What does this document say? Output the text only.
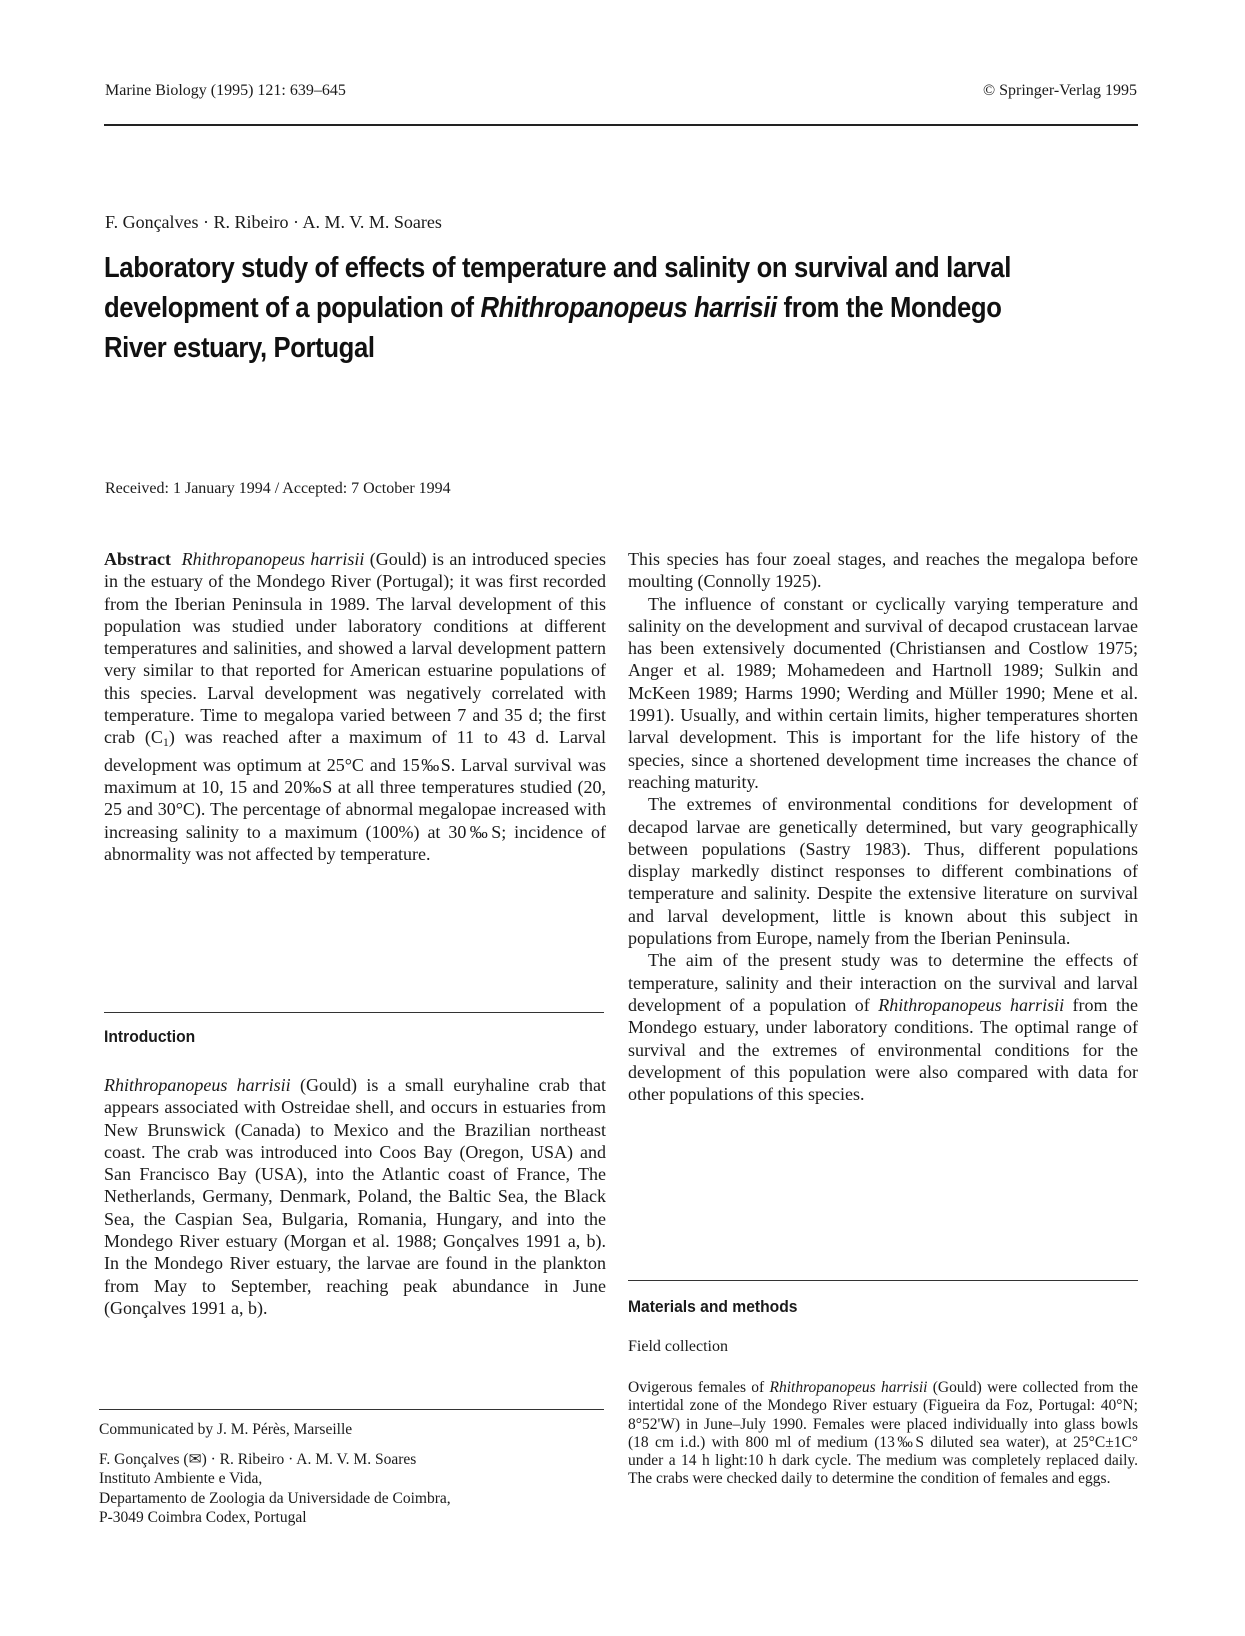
Marine Biology (1995) 121: 639–645	© Springer-Verlag 1995
F. Gonçalves · R. Ribeiro · A. M. V. M. Soares
Laboratory study of effects of temperature and salinity on survival and larval development of a population of Rhithropanopeus harrisii from the Mondego River estuary, Portugal
Received: 1 January 1994 / Accepted: 7 October 1994

Abstract Rhithropanopeus harrisii (Gould) is an introduced species in the estuary of the Mondego River (Portugal); it was first recorded from the Iberian Peninsula in 1989. The larval development of this population was studied under laboratory conditions at different temperatures and salinities, and showed a larval development pattern very similar to that reported for American estuarine populations of this species. Larval development was negatively correlated with temperature. Time to megalopa varied between 7 and 35 d; the first crab $(C_1)$ was reached after a maximum of 11 to 43 d. Larval development was optimum at 25°C and 15‰S. Larval survival was maximum at 10, 15 and 20‰S at all three temperatures studied (20, 25 and 30°C). The percentage of abnormal megalopae increased with increasing salinity to a maximum (100%) at 30‰S; incidence of abnormality was not affected by temperature.

Introduction

Rhithropanopeus harrisii (Gould) is a small euryhaline crab that appears associated with Ostreidae shell, and occurs in estuaries from New Brunswick (Canada) to Mexico and the Brazilian northeast coast. The crab was introduced into Coos Bay (Oregon, USA) and San Francisco Bay (USA), into the Atlantic coast of France, The Netherlands, Germany, Denmark, Poland, the Baltic Sea, the Black Sea, the Caspian Sea, Bulgaria, Romania, Hungary, and into the Mondego River estuary (Morgan et al. 1988; Gonçalves 1991 a, b). In the Mondego River estuary, the larvae are found in the plankton from May to September, reaching peak abundance in June (Gonçalves 1991 a, b).

Communicated by J. M. Pérès, Marseille
F. Gonçalves (✉) · R. Ribeiro · A. M. V. M. Soares
Instituto Ambiente e Vida,
Departamento de Zoologia da Universidade de Coimbra,
P-3049 Coimbra Codex, Portugal

This species has four zoeal stages, and reaches the megalopa before moulting (Connolly 1925).

The influence of constant or cyclically varying temperature and salinity on the development and survival of decapod crustacean larvae has been extensively documented (Christiansen and Costlow 1975; Anger et al. 1989; Mohamedeen and Hartnoll 1989; Sulkin and McKeen 1989; Harms 1990; Werding and Müller 1990; Mene et al. 1991). Usually, and within certain limits, higher temperatures shorten larval development. This is important for the life history of the species, since a shortened development time increases the chance of reaching maturity.

The extremes of environmental conditions for development of decapod larvae are genetically determined, but vary geographically between populations (Sastry 1983). Thus, different populations display markedly distinct responses to different combinations of temperature and salinity. Despite the extensive literature on survival and larval development, little is known about this subject in populations from Europe, namely from the Iberian Peninsula.

The aim of the present study was to determine the effects of temperature, salinity and their interaction on the survival and larval development of a population of Rhithropanopeus harrisii from the Mondego estuary, under laboratory conditions. The optimal range of survival and the extremes of environmental conditions for the development of this population were also compared with data for other populations of this species.

Materials and methods
Field collection
Ovigerous females of Rhithropanopeus harrisii (Gould) were collected from the intertidal zone of the Mondego River estuary (Figueira da Foz, Portugal: 40°N; 8°52'W) in June–July 1990. Females were placed individually into glass bowls (18 cm i.d.) with 800 ml of medium (13‰S diluted sea water), at 25°C±1C° under a 14 h light:10 h dark cycle. The medium was completely replaced daily. The crabs were checked daily to determine the condition of females and eggs.
